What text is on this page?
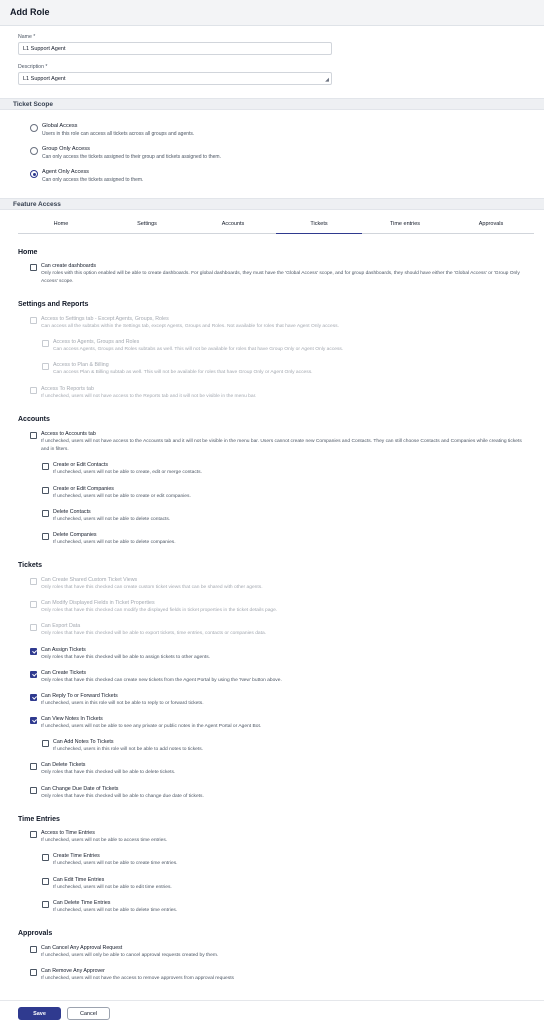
Add Role
Name *
L1 Support Agent
Description *
L1 Support Agent	◢
Ticket Scope
Global Access
Users in this role can access all tickets across all groups and agents.
Group Only Access
Can only access the tickets assigned to their group and tickets assigned to them.
Agent Only Access
Can only access the tickets assigned to them.
Feature Access
Home	Settings	Accounts	Tickets	Time entries	Approvals
Home
Can create dashboards
Only roles with this option enabled will be able to create dashboards. For global dashboards, they must have the 'Global Access' scope, and for group dashboards, they should have either the 'Global Access' or 'Group Only Access' scope.
Settings and Reports
Access to Settings tab - Except Agents, Groups, Roles
Can access all the subtabs within the Settings tab, except Agents, Groups and Roles. Not available for roles that have Agent Only access.
Access to Agents, Groups and Roles
Can access Agents, Groups and Roles subtabs as well. This will not be available for roles that have Group Only or Agent Only access.
Access to Plan & Billing
Can access Plan & Billing subtab as well. This will not be available for roles that have Group Only or Agent Only access.
Access To Reports tab
If unchecked, users will not have access to the Reports tab and it will not be visible in the menu bar.
Accounts
Access to Accounts tab
If unchecked, users will not have access to the Accounts tab and it will not be visible in the menu bar. Users cannot create new Companies and Contacts. They can still choose Contacts and Companies while creating tickets and in filters.
Create or Edit Contacts
If unchecked, users will not be able to create, edit or merge contacts.
Create or Edit Companies
If unchecked, users will not be able to create or edit companies.
Delete Contacts
If unchecked, users will not be able to delete contacts.
Delete Companies
If unchecked, users will not be able to delete companies.
Tickets
Can Create Shared Custom Ticket Views
Only roles that have this checked can create custom ticket views that can be shared with other agents.
Can Modify Displayed Fields in Ticket Properties
Only roles that have this checked can modify the displayed fields in ticket properties in the ticket details page.
Can Export Data
Only roles that have this checked will be able to export tickets, time entries, contacts or companies data.
Can Assign Tickets
Only roles that have this checked will be able to assign tickets to other agents.
Can Create Tickets
Only roles that have this checked can create new tickets from the Agent Portal by using the 'New' button above.
Can Reply To or Forward Tickets
If unchecked, users in this role will not be able to reply to or forward tickets.
Can View Notes In Tickets
If unchecked, users will not be able to see any private or public notes in the Agent Portal or Agent Bot.
Can Add Notes To Tickets
If unchecked, users in this role will not be able to add notes to tickets.
Can Delete Tickets
Only roles that have this checked will be able to delete tickets.
Can Change Due Date of Tickets
Only roles that have this checked will be able to change due date of tickets.
Time Entries
Access to Time Entries
If unchecked, users will not be able to access time entries.
Create Time Entries
If unchecked, users will not be able to create time entries.
Can Edit Time Entries
If unchecked, users will not be able to edit time entries.
Can Delete Time Entries
If unchecked, users will not be able to delete time entries.
Approvals
Can Cancel Any Approval Request
If unchecked, users will only be able to cancel approval requests created by them.
Can Remove Any Approver
If unchecked, users will not have the access to remove approvers from approval requests
Save	Cancel
